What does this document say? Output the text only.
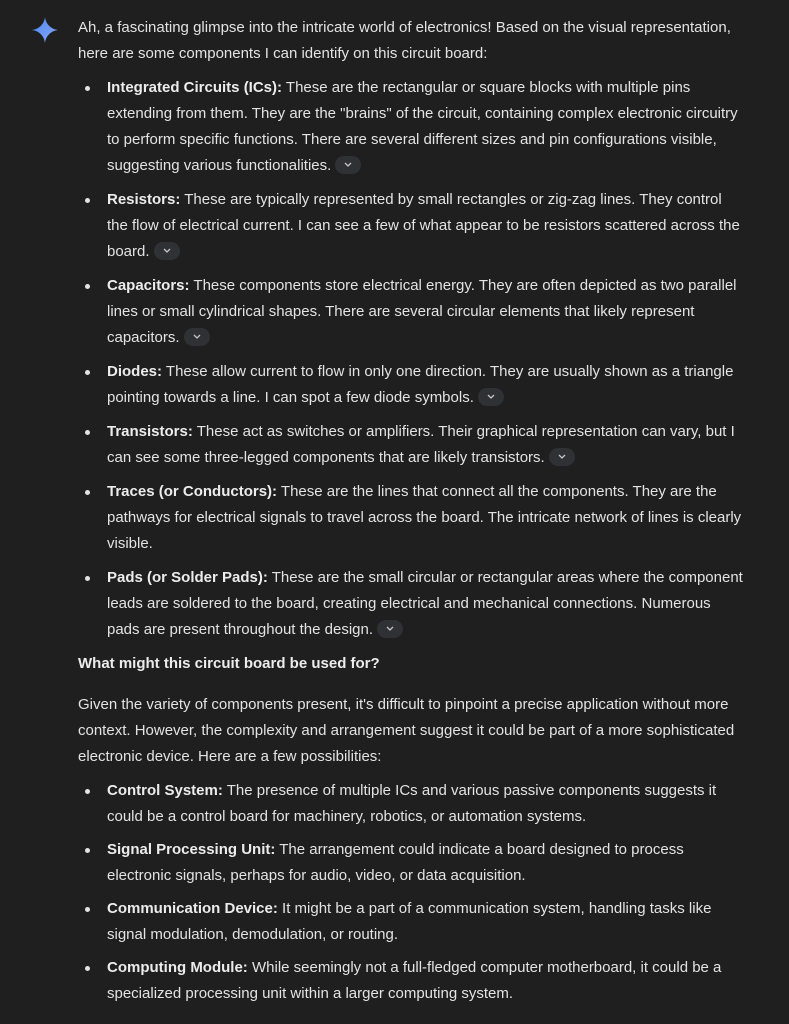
Ah, a fascinating glimpse into the intricate world of electronics! Based on the visual representation, here are some components I can identify on this circuit board:

Integrated Circuits (ICs): These are the rectangular or square blocks with multiple pins extending from them. They are the "brains" of the circuit, containing complex electronic circuitry to perform specific functions. There are several different sizes and pin configurations visible, suggesting various functionalities.
Resistors: These are typically represented by small rectangles or zig-zag lines. They control the flow of electrical current. I can see a few of what appear to be resistors scattered across the board.
Capacitors: These components store electrical energy. They are often depicted as two parallel lines or small cylindrical shapes. There are several circular elements that likely represent capacitors.
Diodes: These allow current to flow in only one direction. They are usually shown as a triangle pointing towards a line. I can spot a few diode symbols.
Transistors: These act as switches or amplifiers. Their graphical representation can vary, but I can see some three-legged components that are likely transistors.
Traces (or Conductors): These are the lines that connect all the components. They are the pathways for electrical signals to travel across the board. The intricate network of lines is clearly visible.
Pads (or Solder Pads): These are the small circular or rectangular areas where the component leads are soldered to the board, creating electrical and mechanical connections. Numerous pads are present throughout the design.

What might this circuit board be used for?

Given the variety of components present, it's difficult to pinpoint a precise application without more context. However, the complexity and arrangement suggest it could be part of a more sophisticated electronic device. Here are a few possibilities:

Control System: The presence of multiple ICs and various passive components suggests it could be a control board for machinery, robotics, or automation systems.
Signal Processing Unit: The arrangement could indicate a board designed to process electronic signals, perhaps for audio, video, or data acquisition.
Communication Device: It might be a part of a communication system, handling tasks like signal modulation, demodulation, or routing.
Computing Module: While seemingly not a full-fledged computer motherboard, it could be a specialized processing unit within a larger computing system.
